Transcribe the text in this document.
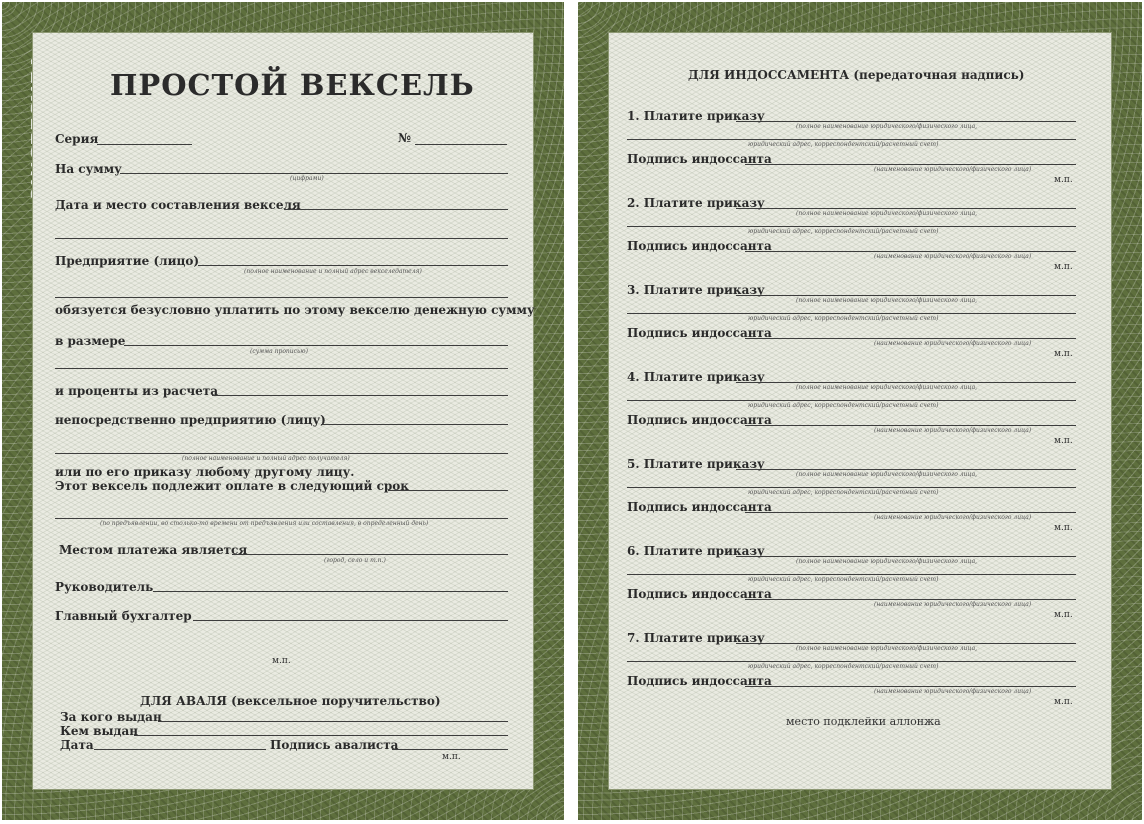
ПРОСТОЙ ВЕКСЕЛЬ
Серия	№
На сумму
(цифрами)
Дата и место составления векселя
Предприятие (лицо)
(полное наименование и полный адрес векселедателя)
обязуется безусловно уплатить по этому векселю денежную сумму
в размере
(сумма прописью)
и проценты из расчета
непосредственно предприятию (лицу)
(полное наименование и полный адрес получателя)
или по его приказу любому другому лицу.
Этот вексель подлежит оплате в следующий срок
(по предъявлении, во столько-то времени от предъявления или составления, в определенный день)
Местом платежа является
(город, село и т.п.)
Руководитель
Главный бухгалтер
м.п.
ДЛЯ АВАЛЯ (вексельное поручительство)
За кого выдан
Кем выдан
Дата	Подпись авалиста
м.п.
ДЛЯ ИНДОССАМЕНТА (передаточная надпись)
1. Платите приказу
(полное наименование юридического/физического лица,
юридический адрес, корреспондентский/расчетный счет)
Подпись индоссанта
(наименование юридического/физического лица)
м.п.
2. Платите приказу
(полное наименование юридического/физического лица,
юридический адрес, корреспондентский/расчетный счет)
Подпись индоссанта
(наименование юридического/физического лица)
м.п.
3. Платите приказу
(полное наименование юридического/физического лица,
юридический адрес, корреспондентский/расчетный счет)
Подпись индоссанта
(наименование юридического/физического лица)
м.п.
4. Платите приказу
(полное наименование юридического/физического лица,
юридический адрес, корреспондентский/расчетный счет)
Подпись индоссанта
(наименование юридического/физического лица)
м.п.
5. Платите приказу
(полное наименование юридического/физического лица,
юридический адрес, корреспондентский/расчетный счет)
Подпись индоссанта
(наименование юридического/физического лица)
м.п.
6. Платите приказу
(полное наименование юридического/физического лица,
юридический адрес, корреспондентский/расчетный счет)
Подпись индоссанта
(наименование юридического/физического лица)
м.п.
7. Платите приказу
(полное наименование юридического/физического лица,
юридический адрес, корреспондентский/расчетный счет)
Подпись индоссанта
(наименование юридического/физического лица)
м.п.
место подклейки аллонжа
